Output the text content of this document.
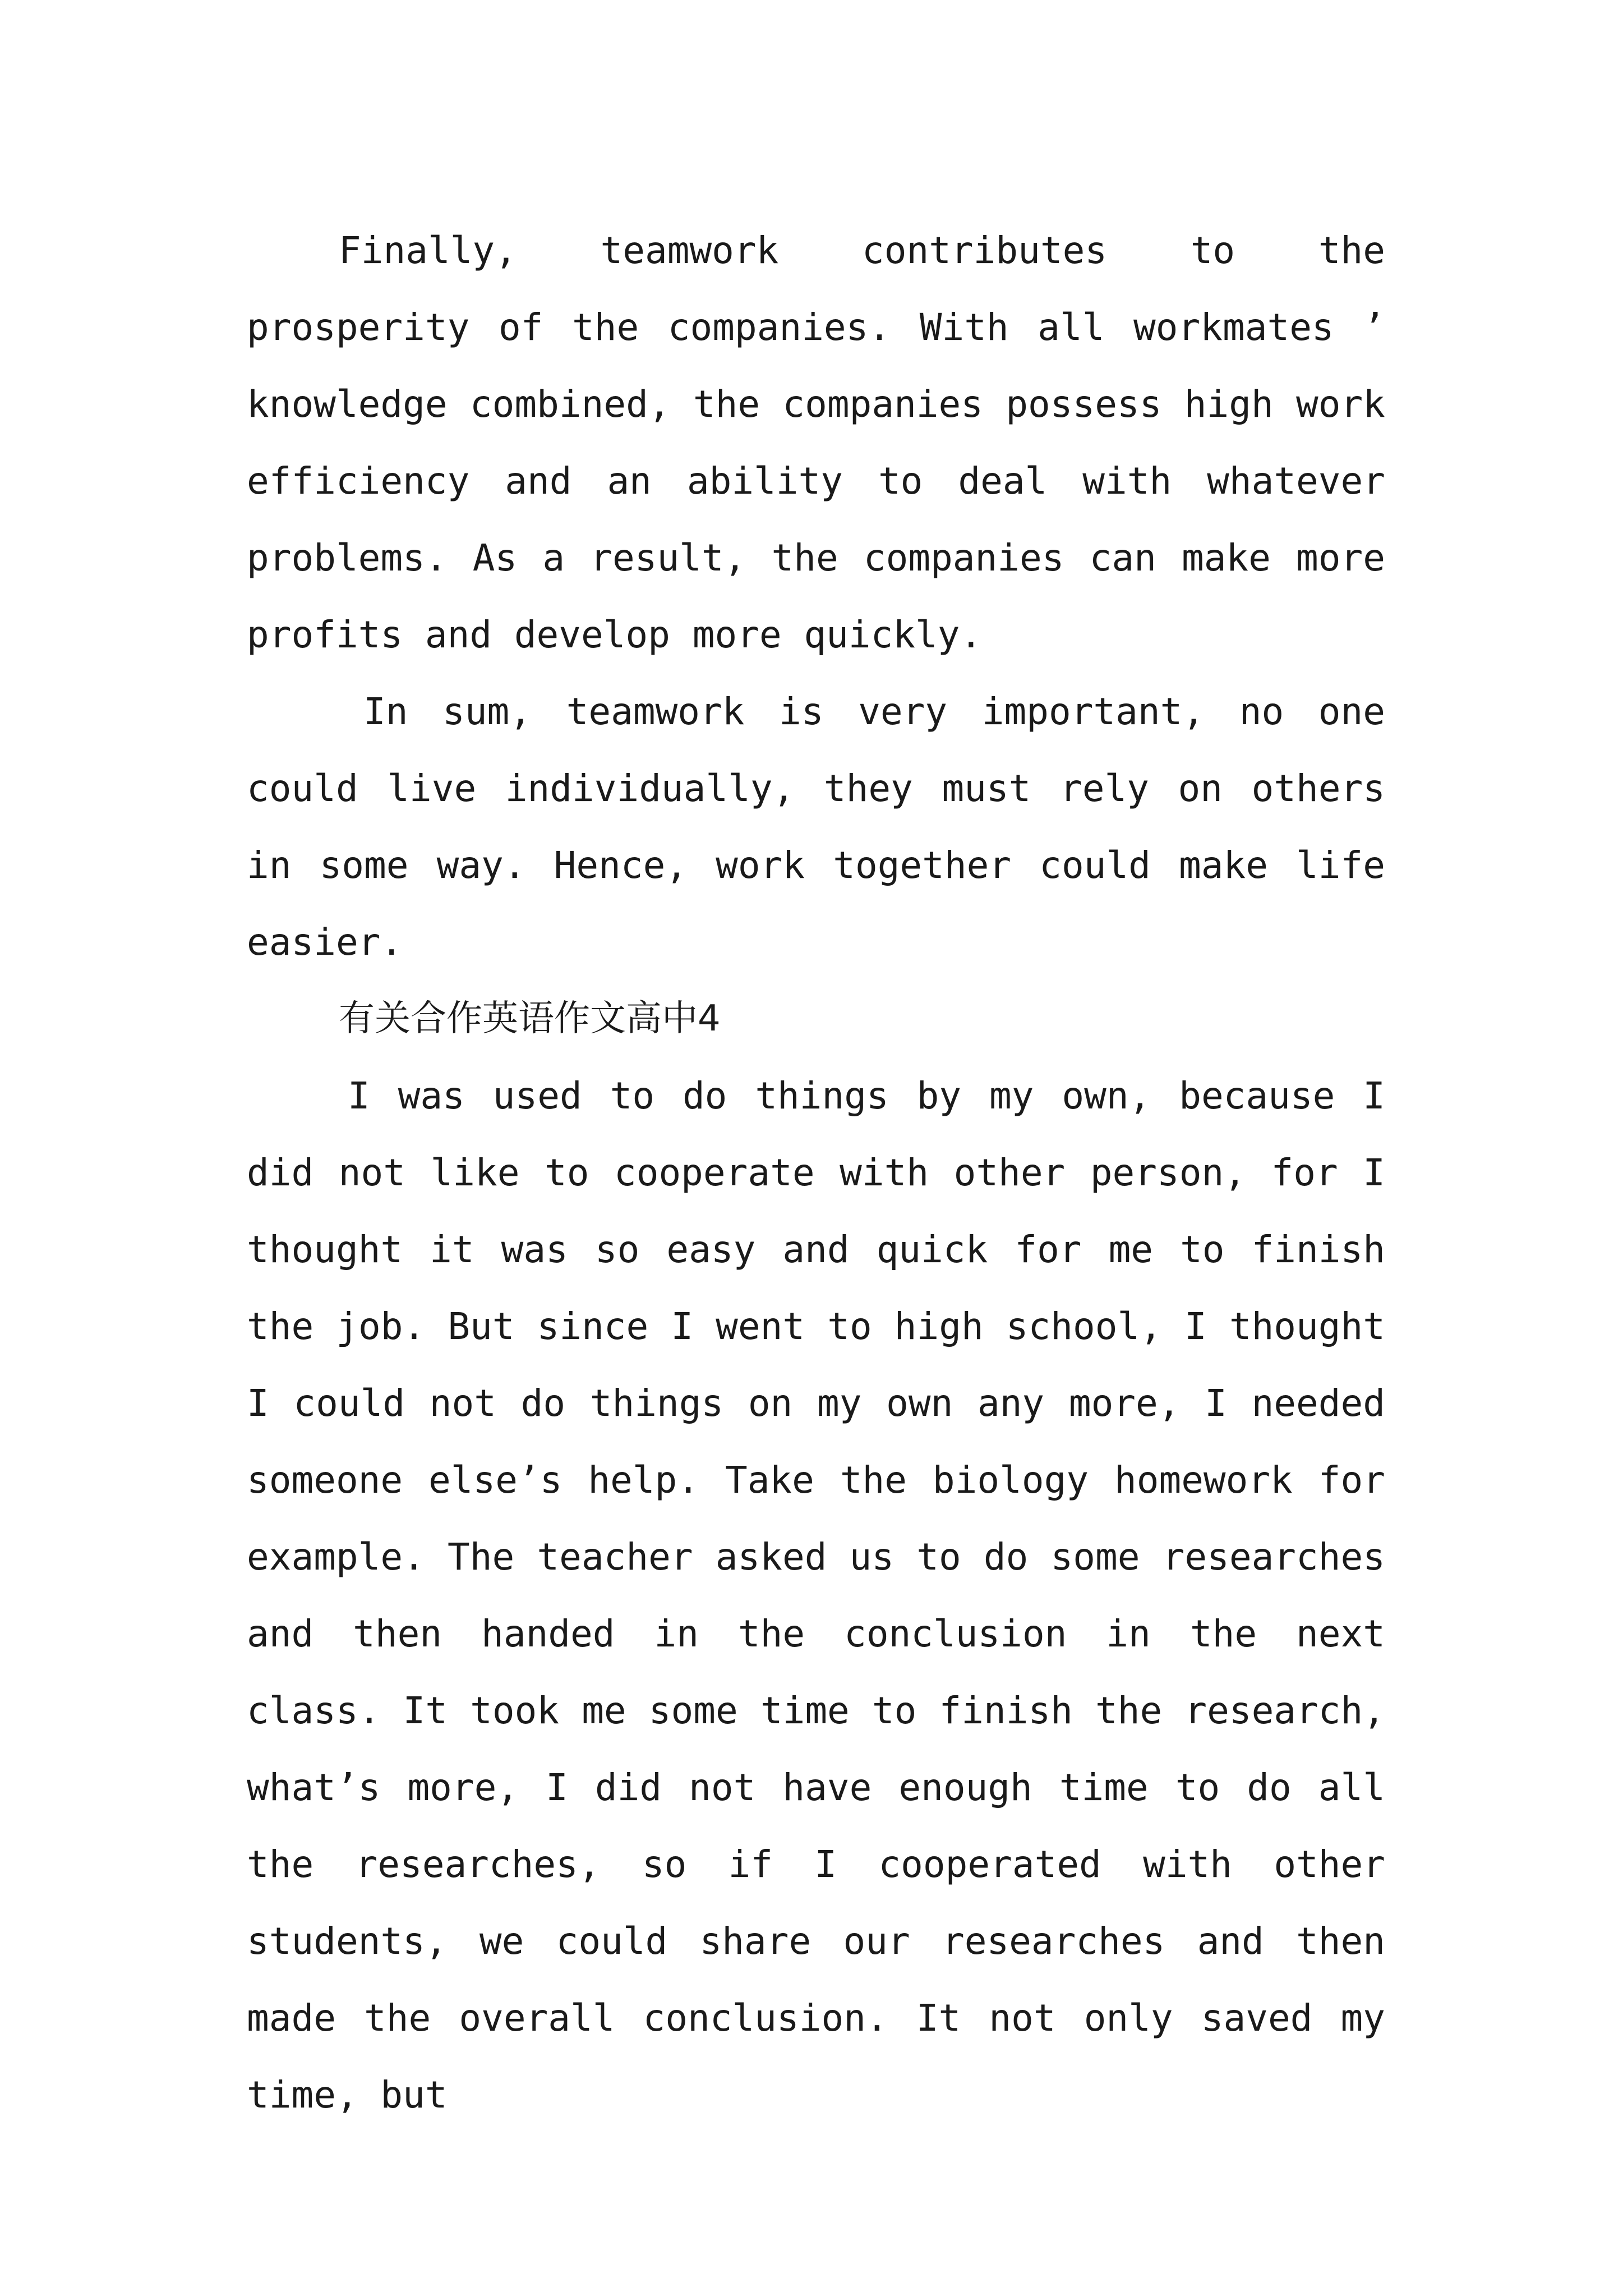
Finally, teamwork contributes to the prosperity of the companies. With all workmates ’ knowledge combined, the companies possess high work efficiency and an ability to deal with whatever problems. As a result, the companies can make more profits and develop more quickly.

In sum, teamwork is very important, no one could live individually, they must rely on others in some way. Hence, work together could make life easier.

有关合作英语作文高中4

I was used to do things by my own, because I did not like to cooperate with other person, for I thought it was so easy and quick for me to finish the job. But since I went to high school, I thought I could not do things on my own any more, I needed someone else’s help. Take the biology homework for example. The teacher asked us to do some researches and then handed in the conclusion in the next class. It took me some time to finish the research, what’s more, I did not have enough time to do all the researches, so if I cooperated with other students, we could share our researches and then made the overall conclusion. It not only saved my time, but
